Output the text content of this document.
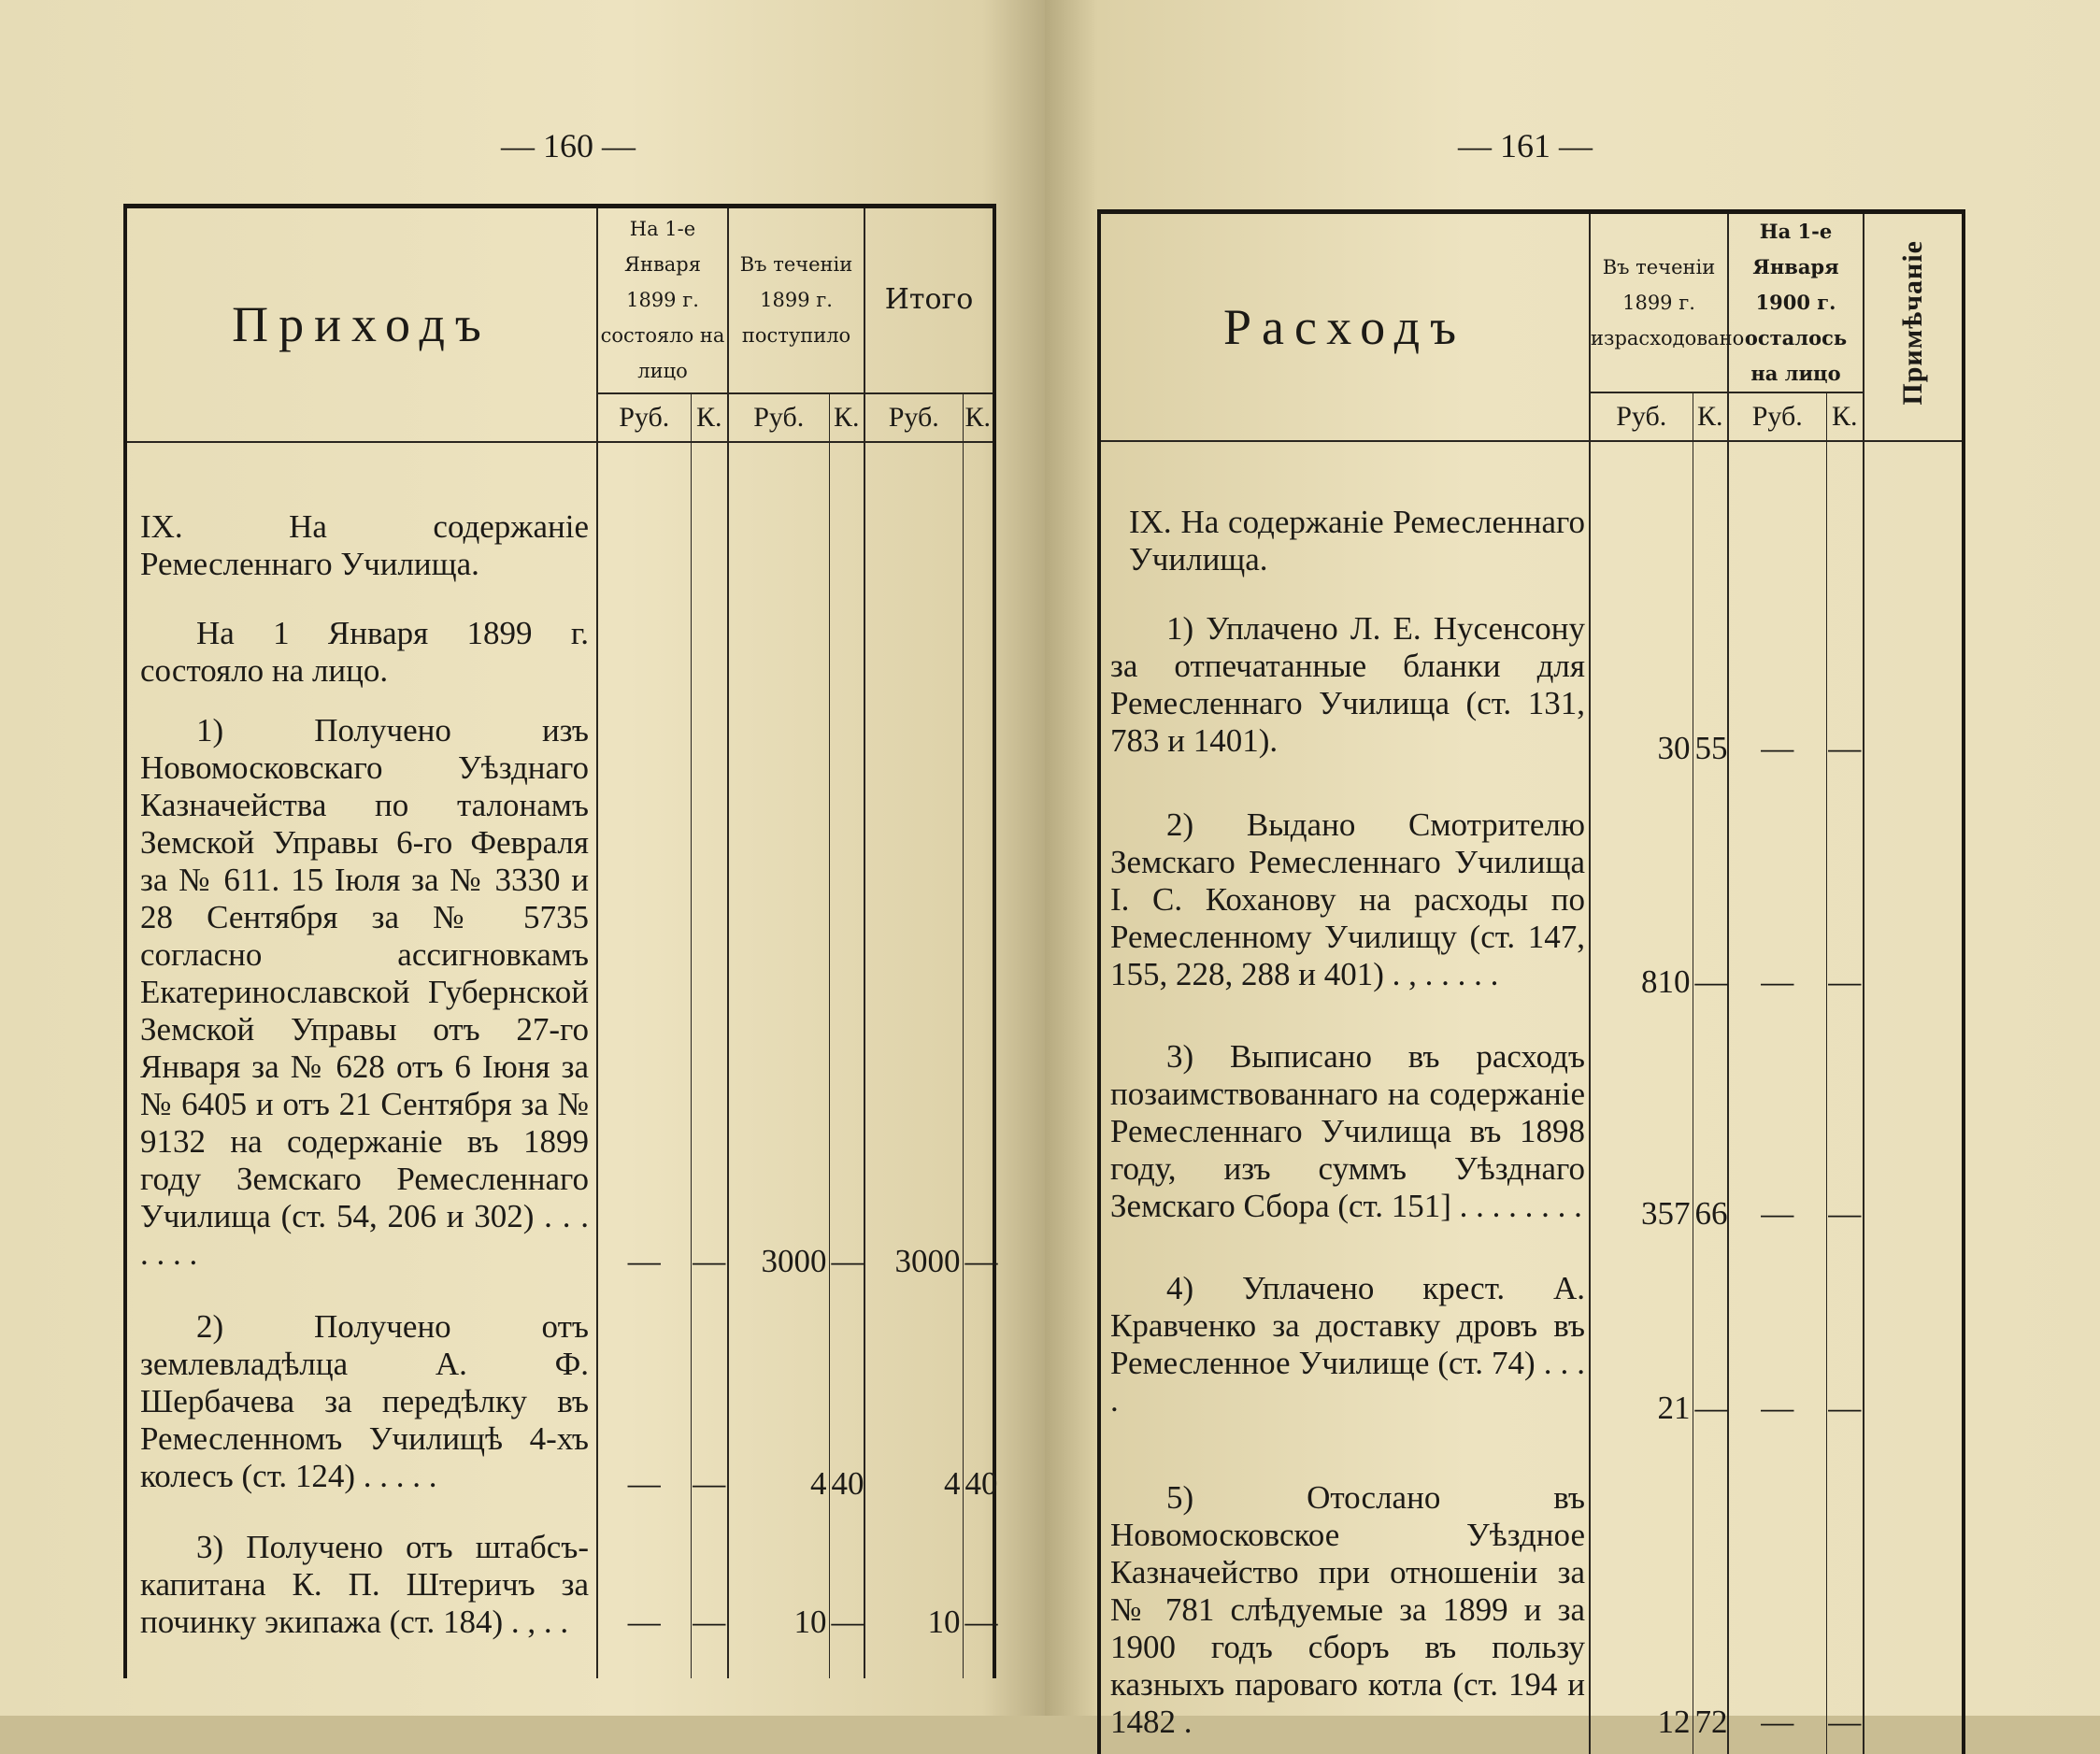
— 160 —
Приходъ	На 1-е Января 1899 г. состояло на лицо		Въ теченіи 1899 г. поступило		Итого	
	Руб.	К.	Руб.	К.	Руб.	К.

IX. На содержаніе Ремесленнаго Училища.
На 1 Января 1899 г. состояло на лицо.
1) Получено изъ Новомосковскаго Уѣзднаго Казначейства по талонамъ Земской Управы 6-го Февраля за № 611. 15 Іюля за № 3330 и 28 Сентября за № 5735 согласно ассигновкамъ Екатеринославской Губернской Земской Управы отъ 27-го Января за № 628 отъ 6 Іюня за № 6405 и отъ 21 Сентября за № 9132 на содержаніе въ 1899 году Земскаго Ремесленнаго Училища (ст. 54, 206 и 302) . . . . . . .	—	—	3000	—	3000	—
2) Получено отъ землевладѣлца А. Ф. Шербачева за передѣлку въ Ремесленномъ Училищѣ 4-хъ колесъ (ст. 124) . . . . .	—	—	4	40	4	40
3) Получено отъ штабсъ-капитана К. П. Штеричъ за починку экипажа (ст. 184) . , . .	—	—	10	—	10	—
— 161 —
Расходъ	Въ теченіи 1899 г. израсходовано		На 1-е Января 1900 г. осталось на лицо		Примѣчаніе
	Руб.	К.	Руб.	К.	

IX. На содержаніе Ремесленнаго Училища.
1) Уплачено Л. Е. Нусенсону за отпечатанные бланки для Ремесленнаго Училища (ст. 131, 783 и 1401).	30	55	—	—	
2) Выдано Смотрителю Земскаго Ремесленнаго Училища І. С. Коханову на расходы по Ремесленному Училищу (ст. 147, 155, 228, 288 и 401) . , . . . . .	810	—	—	—	
3) Выписано въ расходъ позаимствованнаго на содержаніе Ремесленнаго Училища въ 1898 году, изъ суммъ Уѣзднаго Земскаго Сбора (ст. 151] . . . . . . . .	357	66	—	—	
4) Уплачено крест. А. Кравченко за доставку дровъ въ Ремесленное Училище (ст. 74) . . . .	21	—	—	—	
5) Отослано въ Новомосковское Уѣздное Казначейство при отношеніи за № 781 слѣдуемые за 1899 и за 1900 годъ сборъ въ пользу казныхъ пароваго котла (ст. 194 и 1482 .	12	72	—	—	
